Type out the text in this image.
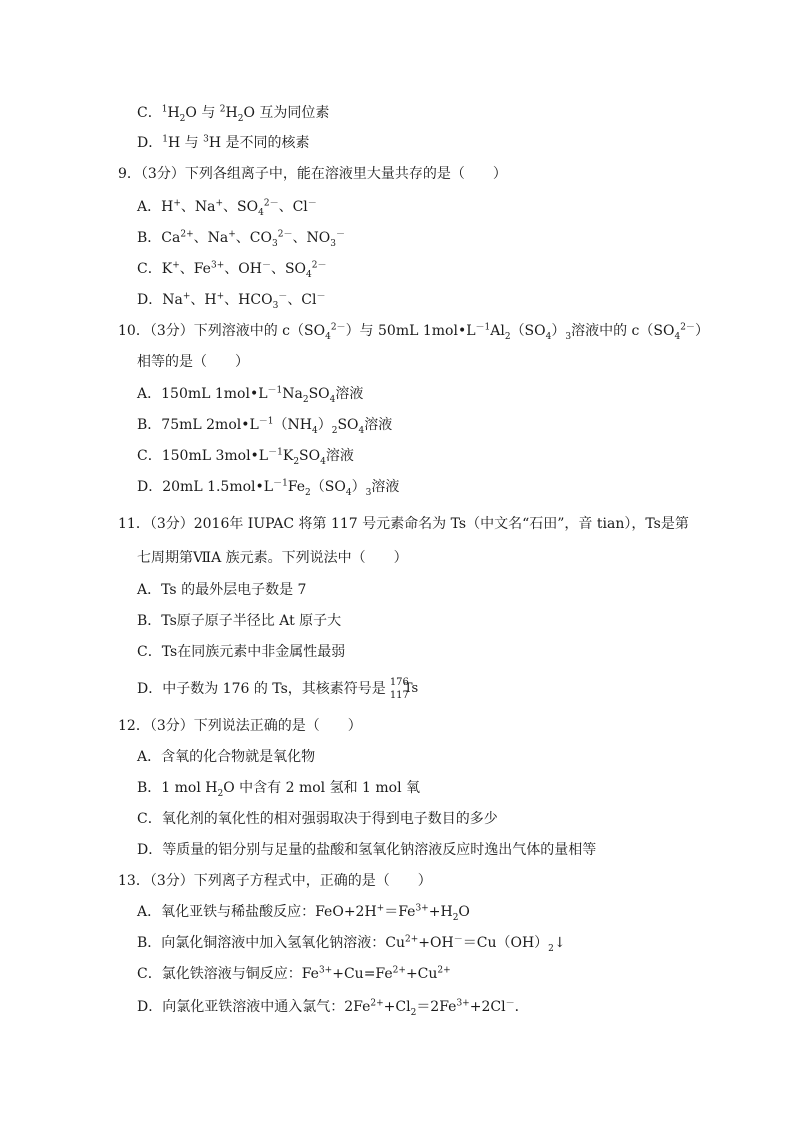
C．$^1H_2O$ 与 $^2H_2O$ 互为同位素
D．$^1$H 与 $^3$H 是不同的核素
9．（3分）下列各组离子中，能在溶液里大量共存的是（　　）
A．H+、Na+、$SO_4^{2-}$、Cl－
B．$Ca^{2+}$、Na+、$CO_3^{2-}$、$NO_3^-$
C．K+、$Fe^{3+}$、OH－、$SO_4^{2-}$
D．Na+、H+、$HCO_3^-$、Cl－
10．（3分）下列溶液中的 $c(SO_4^{2-})$与 50mL $1mol•L^{-1}Al_2(SO_4)_3$溶液中的 $c(SO_4^{2-})$
相等的是（　　）
A．150mL $1mol•L^{-1}Na_2SO_4$溶液
B．75mL $2mol•L^{-1}(NH_4)_2SO_4$溶液
C．150mL $3mol•L^{-1}K_2SO_4$溶液
D．20mL $1.5mol•L^{-1}Fe_2(SO_4)_3$溶液
11．（3分）2016年 IUPAC 将第 117 号元素命名为 Ts（中文名“石田”，音 tian），Ts是第
七周期第ⅦA 族元素。下列说法中（　　）
A．Ts 的最外层电子数是 7
B．Ts原子原子半径比 At 原子大
C．Ts在同族元素中非金属性最弱
D．中子数为 176 的 Ts，其核素符号是 176
117
Ts
12．（3分）下列说法正确的是（　　）
A．含氧的化合物就是氧化物
B．1 mol $H_2O$ 中含有 2 mol 氢和 1 mol 氧
C．氧化剂的氧化性的相对强弱取决于得到电子数目的多少
D．等质量的铝分别与足量的盐酸和氢氧化钠溶液反应时逸出气体的量相等
13．（3分）下列离子方程式中，正确的是（　　）
A．氧化亚铁与稀盐酸反应：$FeO+2H^+=Fe^{3+}+H_2O$
B．向氯化铜溶液中加入氢氧化钠溶液：$Cu^{2+}+OH^-=Cu(OH)_2↓$
C．氯化铁溶液与铜反应：$Fe^{3+}+Cu=Fe^{2+}+Cu^{2+}$
D．向氯化亚铁溶液中通入氯气：$2Fe^{2+}+Cl_2=2Fe^{3+}+2Cl^-$．
